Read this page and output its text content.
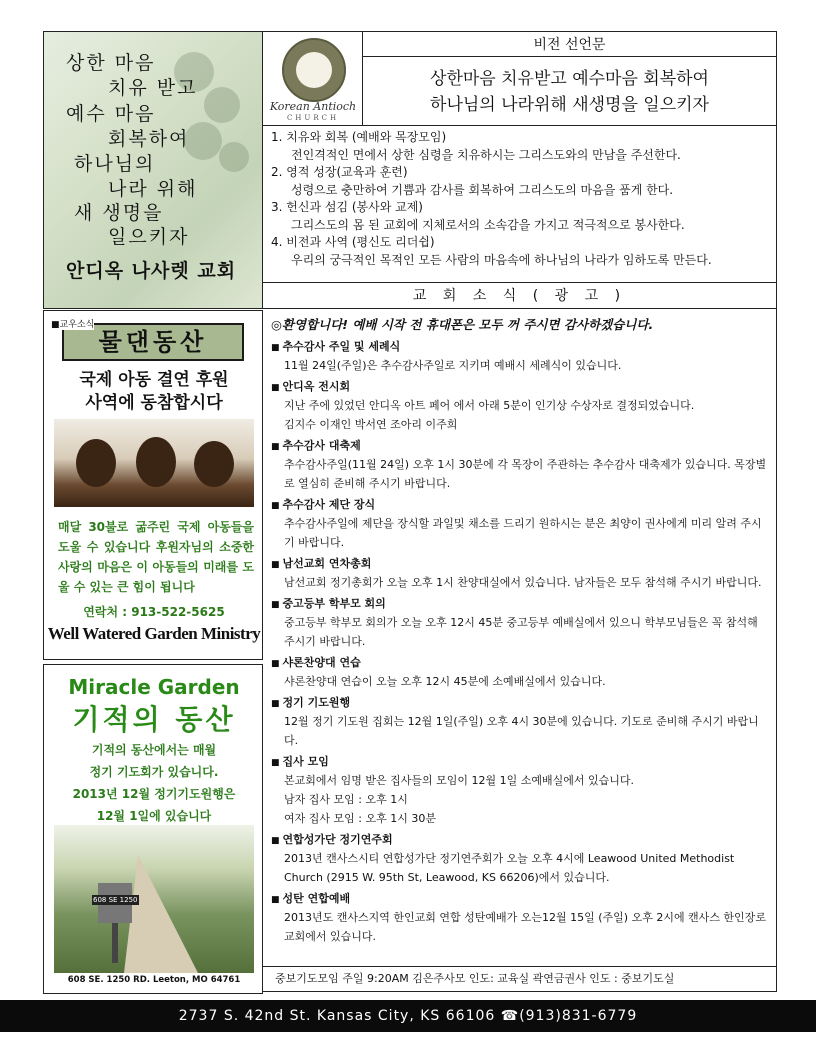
상한 마음
치유 받고
예수 마음
회복하여
하나님의
나라 위해
새 생명을
일으키자
안디옥 나사렛 교회
Korean Antioch
CHURCH
비전 선언문
상한마음 치유받고 예수마음 회복하여
하나님의 나라위해 새생명을 일으키자
1. 치유와 회복 (예배와 목장모임)
전인격적인 면에서 상한 심령을 치유하시는 그리스도와의 만남을 주선한다.
2. 영적 성장(교육과 훈련)
성령으로 충만하여 기쁨과 감사를 회복하여 그리스도의 마음을 품게 한다.
3. 헌신과 섬김 (봉사와 교제)
그리스도의 몸 된 교회에 지체로서의 소속감을 가지고 적극적으로 봉사한다.
4. 비전과 사역 (평신도 리더쉽)
우리의 궁극적인 목적인 모든 사람의 마음속에 하나님의 나라가 임하도록 만든다.
교 회 소 식 ( 광 고 )
◎환영합니다! 예배 시작 전 휴대폰은 모두 꺼 주시면 감사하겠습니다.
■ 추수감사 주일 및 세례식
11월 24일(주일)은 추수감사주일로 지키며 예배시 세례식이 있습니다.
■ 안디옥 전시회
지난 주에 있었던 안디옥 아트 페어 에서 아래 5분이 인기상 수상자로 결정되었습니다.
김지수 이재인 박서연 조아리 이주희
■ 추수감사 대축제
추수감사주일(11월 24일) 오후 1시 30분에 각 목장이 주관하는 추수감사 대축제가 있습니다. 목장별로 열심히 준비해 주시기 바랍니다.
■ 추수감사 제단 장식
추수감사주일에 제단을 장식할 과일및 채소를 드리기 원하시는 분은 최양이 권사에게 미리 알려 주시기 바랍니다.
■ 남선교회 연차총회
남선교회 정기총회가 오늘 오후 1시 찬양대실에서 있습니다. 남자들은 모두 참석해 주시기 바랍니다.
■ 중고등부 학부모 회의
중고등부 학부모 회의가 오늘 오후 12시 45분 중고등부 예배실에서 있으니 학부모님들은 꼭 참석해 주시기 바랍니다.
■ 샤론찬양대 연습
샤론찬양대 연습이 오늘 오후 12시 45분에 소예배실에서 있습니다.
■ 정기 기도원행
12월 정기 기도원 집회는 12월 1일(주일) 오후 4시 30분에 있습니다. 기도로 준비해 주시기 바랍니다.
■ 집사 모임
본교회에서 임명 받은 집사들의 모임이 12월 1일 소예배실에서 있습니다.
남자 집사 모임 : 오후 1시
여자 집사 모임 : 오후 1시 30분
■ 연합성가단 정기연주회
2013년 캔사스시티 연합성가단 정기연주회가 오늘 오후 4시에 Leawood United Methodist Church (2915 W. 95th St, Leawood, KS 66206)에서 있습니다.
■ 성탄 연합예배
2013년도 캔사스지역 한인교회 연합 성탄예배가 오는12월 15일 (주일) 오후 2시에 캔사스 한인장로교회에서 있습니다.
중보기도모임 주일 9:20AM 김은주사모 인도: 교육실 곽연금권사 인도 : 중보기도실
물댄동산
■교우소식
국제 아동 결연 후원
사역에 동참합시다
매달 30불로 굶주린 국제 아동들을 도울 수 있습니다 후원자님의 소중한 사랑의 마음은 이 아동들의 미래를 도울 수 있는 큰 힘이 됩니다
연락처 : 913-522-5625
Well Watered Garden Ministry
Miracle Garden
기적의 동산
기적의 동산에서는 매월
정기 기도회가 있습니다.
2013년 12월 정기기도원행은
12월 1일에 있습니다
608 SE 1250
608 SE. 1250 RD. Leeton, MO 64761
2737 S. 42nd St. Kansas City, KS 66106 ☎(913)831-6779
